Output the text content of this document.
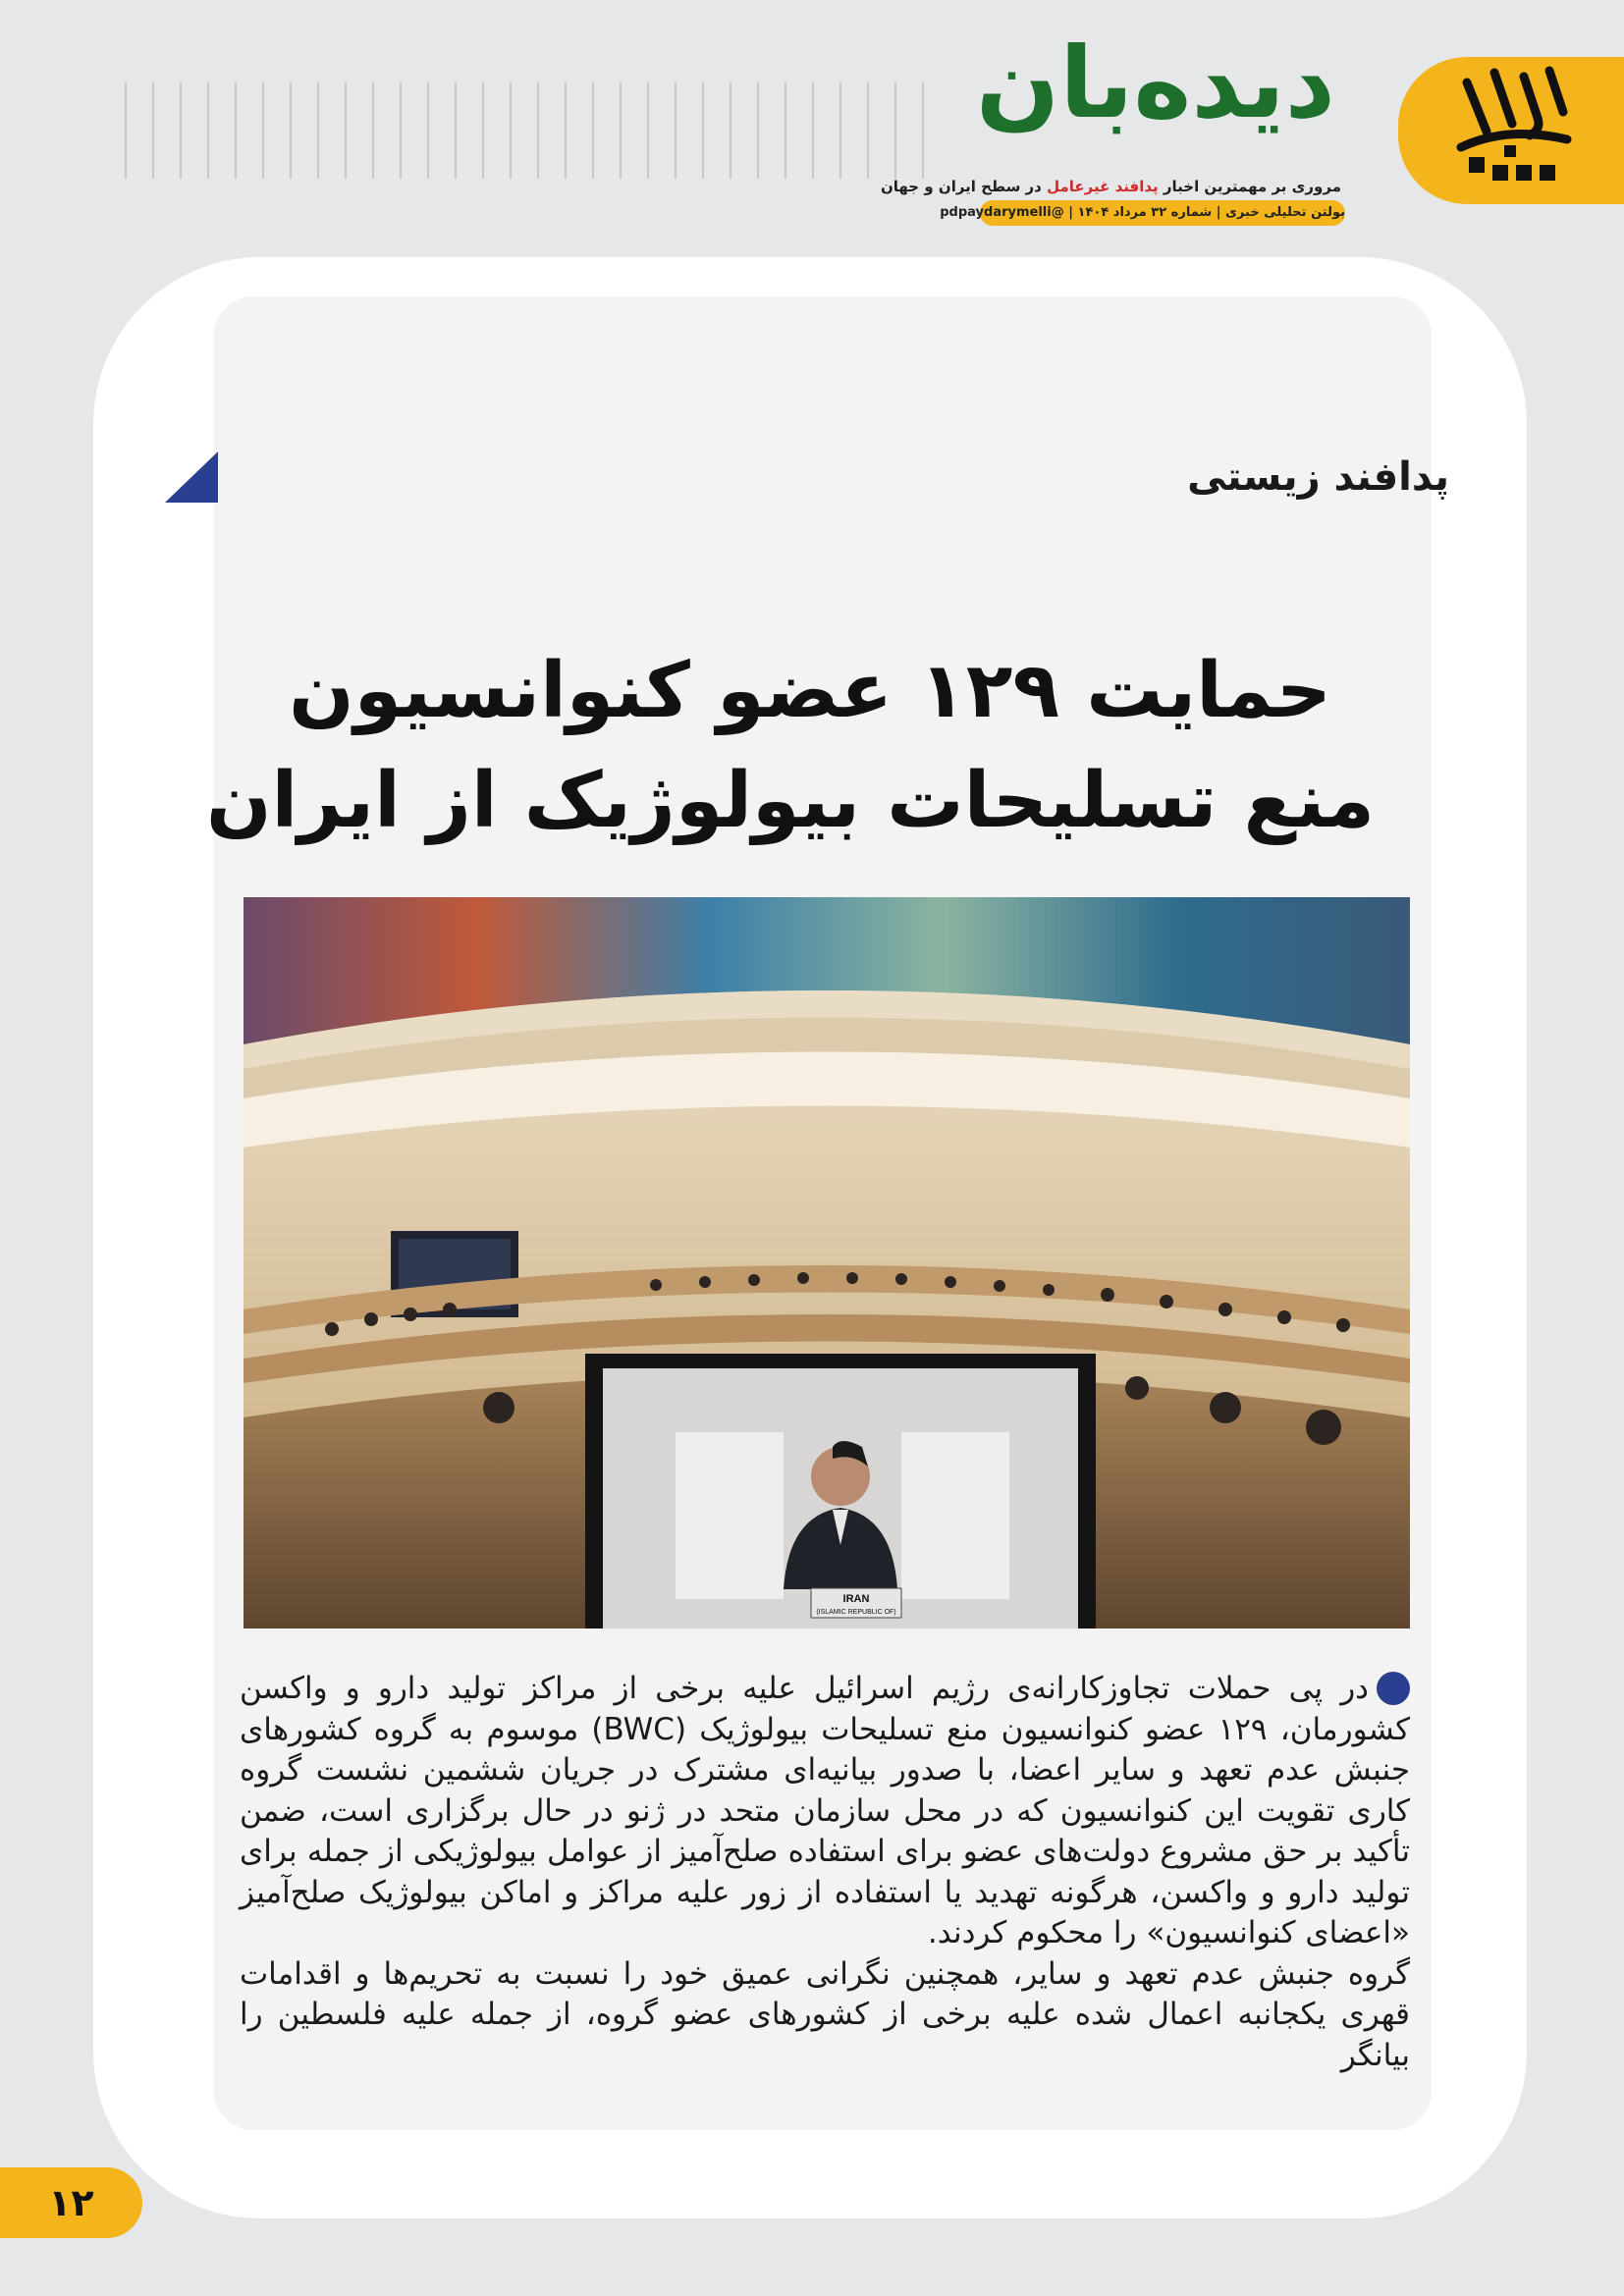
دیده‌بان
مروری بر مهمترین اخبار پدافند غیرعامل در سطح ایران و جهان
بولتن تحلیلی خبری | شماره ۳۲ مرداد ۱۴۰۴ | @pdpaydarymelli
پدافند زیستی
حمایت ۱۲۹ عضو کنوانسیون
منع تسلیحات بیولوژیک از ایران
IRAN
(ISLAMIC REPUBLIC OF)

در پی حملات تجاوزکارانه‌ی رژیم اسرائیل علیه برخی از مراکز تولید دارو و واکسن کشورمان، ۱۲۹ عضو کنوانسیون منع تسلیحات بیولوژیک (BWC) موسوم به گروه کشورهای جنبش عدم تعهد و سایر اعضا، با صدور بیانیه‌ای مشترک در جریان ششمین نشست گروه کاری تقویت این کنوانسیون که در محل سازمان متحد در ژنو در حال برگزاری است، ضمن تأکید بر حق مشروع دولت‌های عضو برای استفاده صلح‌آمیز از عوامل بیولوژیکی از جمله برای تولید دارو و واکسن، هرگونه تهدید یا استفاده از زور علیه مراکز و اماکن بیولوژیک صلح‌آمیز «اعضای کنوانسیون» را محکوم کردند.

گروه جنبش عدم تعهد و سایر، همچنین نگرانی عمیق خود را نسبت به تحریم‌ها و اقدامات قهری یکجانبه اعمال شده علیه برخی از کشورهای عضو گروه، از جمله علیه فلسطین را بیانگر

۱۲
